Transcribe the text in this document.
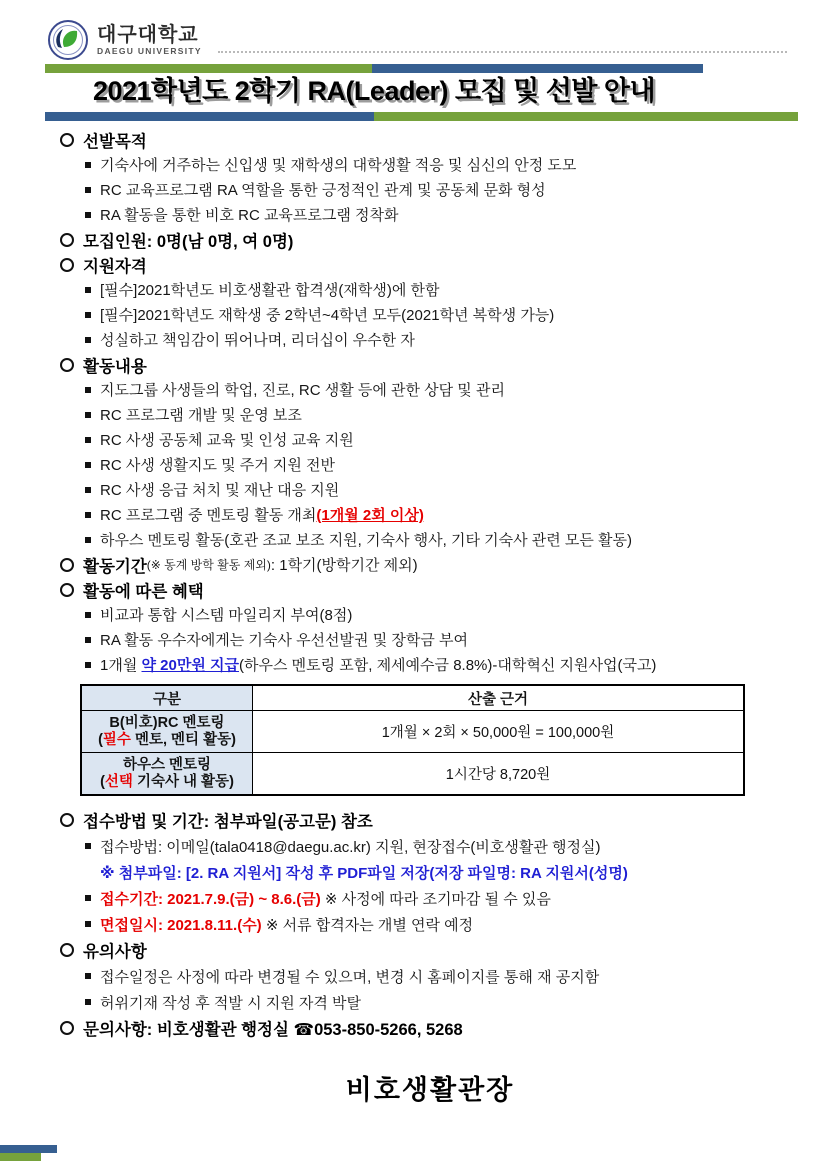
대구대학교
DAEGU UNIVERSITY
2021학년도 2학기 RA(Leader) 모집 및 선발 안내
선발목적
기숙사에 거주하는 신입생 및 재학생의 대학생활 적응 및 심신의 안정 도모
RC 교육프로그램 RA 역할을 통한 긍정적인 관계 및 공동체 문화 형성
RA 활동을 통한 비호 RC 교육프로그램 정착화
모집인원: 0명(남 0명, 여 0명)
지원자격
[필수]2021학년도 비호생활관 합격생(재학생)에 한함
[필수]2021학년도 재학생 중 2학년~4학년 모두(2021학년 복학생 가능)
성실하고 책임감이 뛰어나며, 리더십이 우수한 자
활동내용
지도그룹 사생들의 학업, 진로, RC 생활 등에 관한 상담 및 관리
RC 프로그램 개발 및 운영 보조
RC 사생 공동체 교육 및 인성 교육 지원
RC 사생 생활지도 및 주거 지원 전반
RC 사생 응급 처치 및 재난 대응 지원
RC 프로그램 중 멘토링 활동 개최 (1개월 2회 이상)
하우스 멘토링 활동(호관 조교 보조 지원, 기숙사 행사, 기타 기숙사 관련 모든 활동)
활동기간 (※ 동계 방학 활동 제외) : 1학기(방학기간 제외)
활동에 따른 혜택
비교과 통합 시스템 마일리지 부여(8점)
RA 활동 우수자에게는 기숙사 우선선발권 및 장학금 부여
1개월 약 20만원 지급 (하우스 멘토링 포함, 제세예수금 8.8%)-대학혁신 지원사업(국고)
구분	산출 근거

B(비호)RC 멘토링
(필수 멘토, 멘티 활동)	1개월 × 2회 × 50,000원 = 100,000원

하우스 멘토링
(선택 기숙사 내 활동)	1시간당 8,720원
접수방법 및 기간: 첨부파일(공고문) 참조
접수방법: 이메일(tala0418@daegu.ac.kr) 지원, 현장접수(비호생활관 행정실)
※ 첨부파일: [2. RA 지원서] 작성 후 PDF파일 저장(저장 파일명: RA 지원서(성명)
접수기간: 2021.7.9.(금) ~ 8.6.(금) ※ 사정에 따라 조기마감 될 수 있음
면접일시: 2021.8.11.(수) ※ 서류 합격자는 개별 연락 예정
유의사항
접수일정은 사정에 따라 변경될 수 있으며, 변경 시 홈페이지를 통해 재 공지함
허위기재 작성 후 적발 시 지원 자격 박탈
문의사항: 비호생활관 행정실 ☎053-850-5266, 5268
비호생활관장
